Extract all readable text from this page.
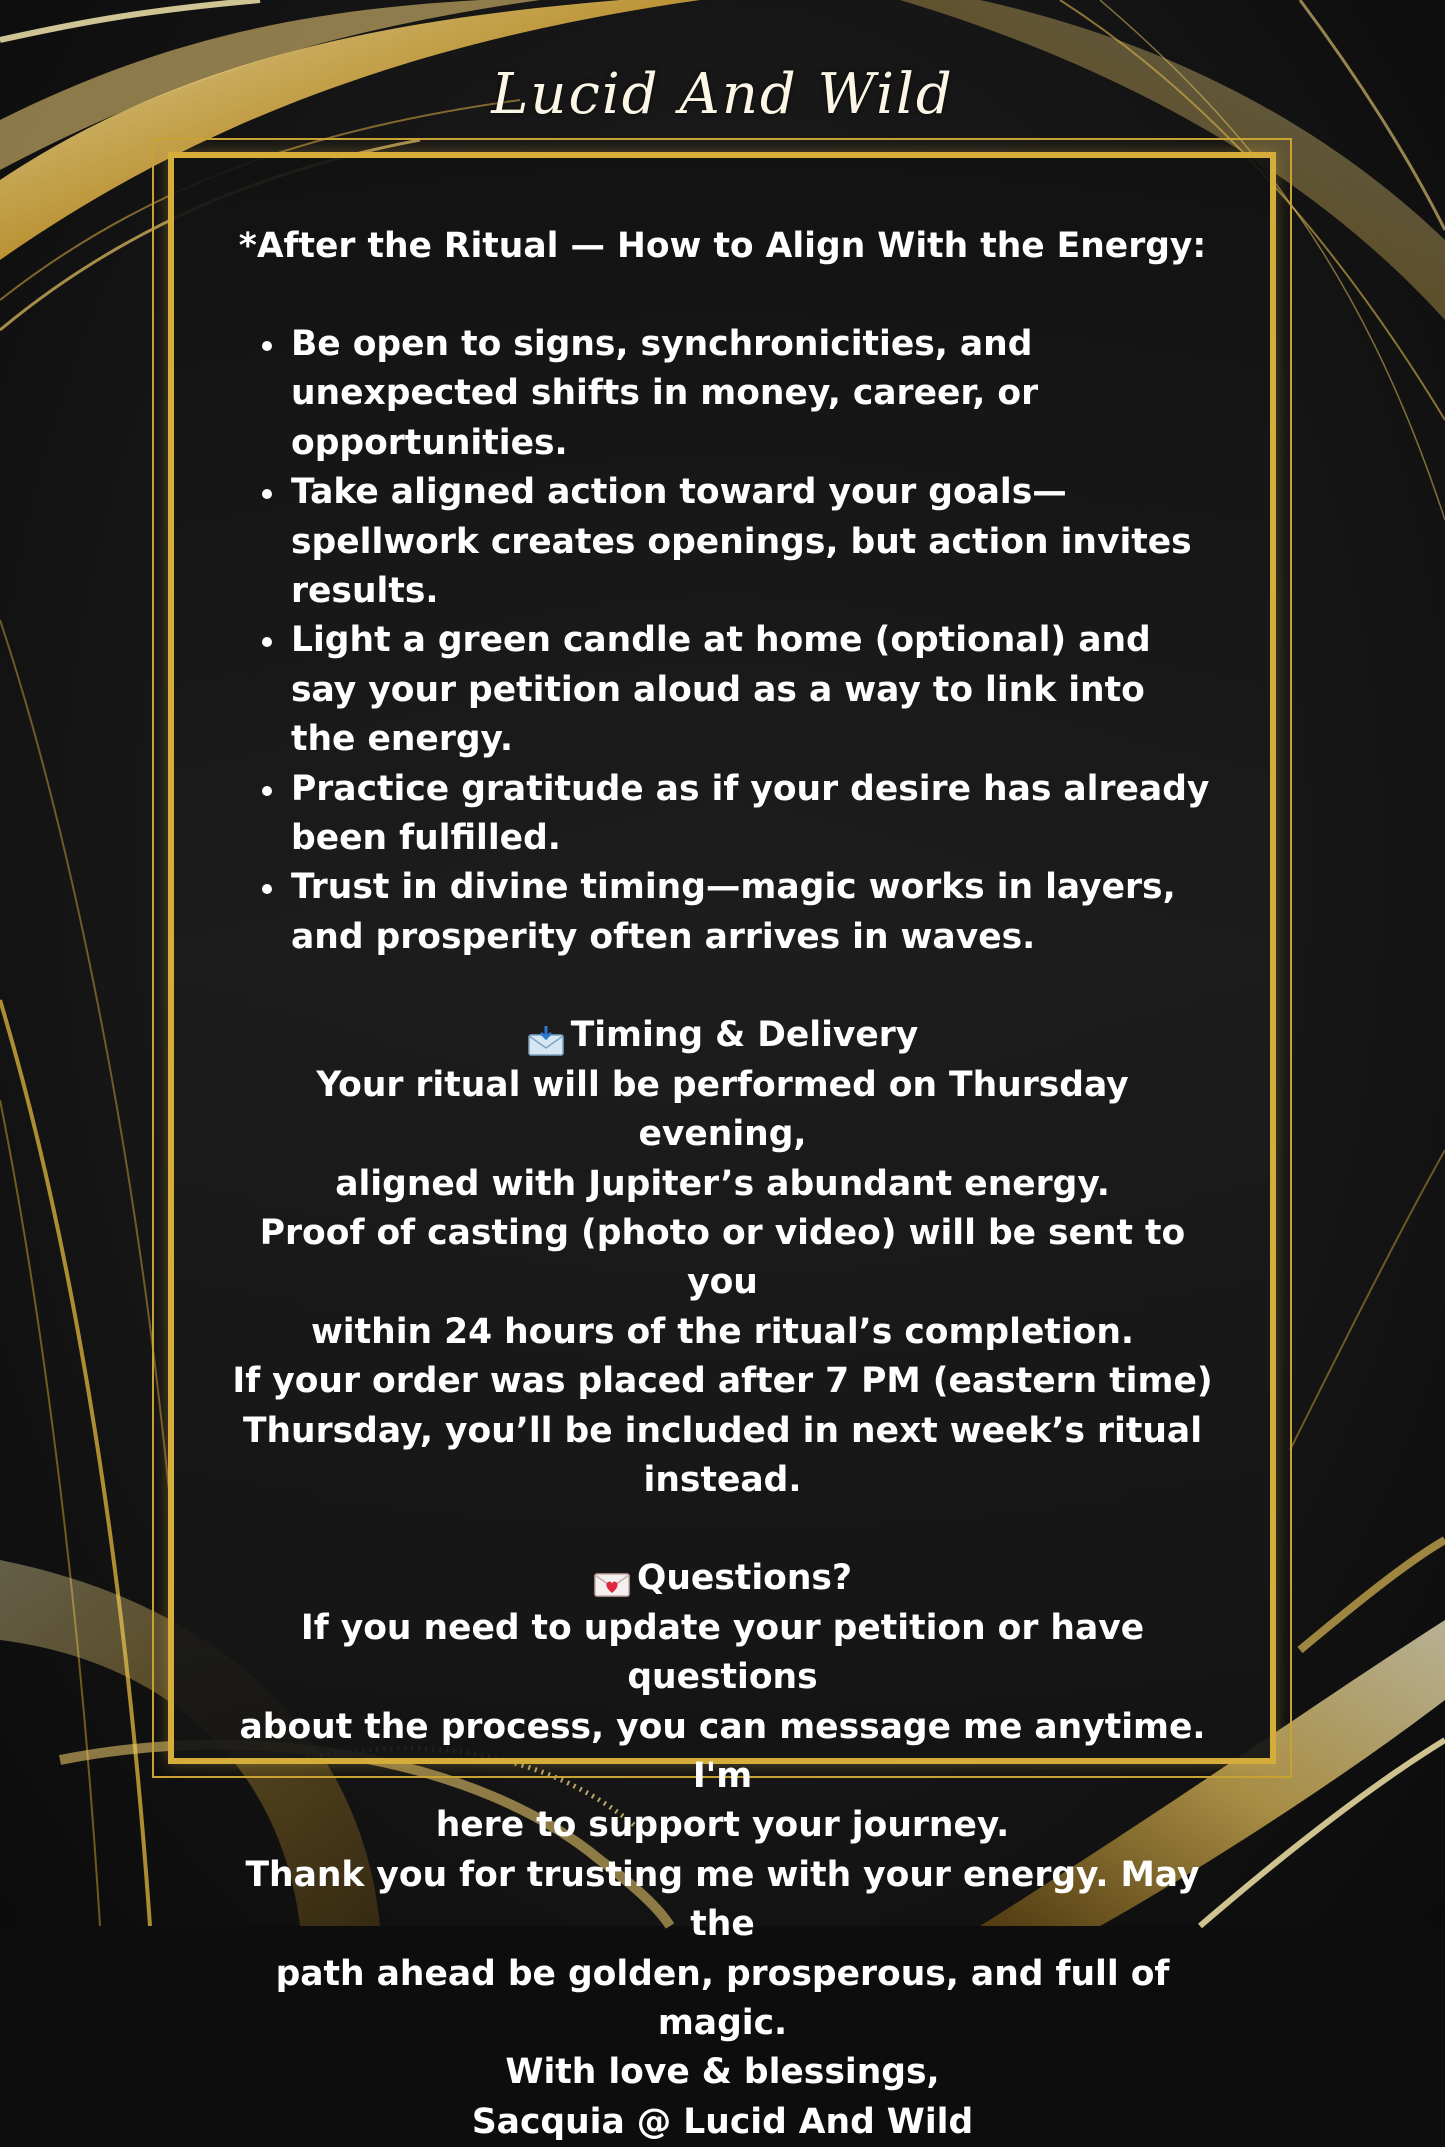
Lucid And Wild
*After the Ritual — How to Align With the Energy:
Be open to signs, synchronicities, and unexpected shifts in money, career, or opportunities.
Take aligned action toward your goals—spellwork creates openings, but action invites results.
Light a green candle at home (optional) and say your petition aloud as a way to link into the energy.
Practice gratitude as if your desire has already been fulfilled.
Trust in divine timing—magic works in layers, and prosperity often arrives in waves.
Timing & Delivery
Your ritual will be performed on Thursday evening,
aligned with Jupiter’s abundant energy.
Proof of casting (photo or video) will be sent to you
within 24 hours of the ritual’s completion.
If your order was placed after 7 PM (eastern time)
Thursday, you’ll be included in next week’s ritual
instead.
Questions?
If you need to update your petition or have questions
about the process, you can message me anytime. I'm
here to support your journey.
Thank you for trusting me with your energy. May the
path ahead be golden, prosperous, and full of magic.
With love & blessings,
Sacquia @ Lucid And Wild
